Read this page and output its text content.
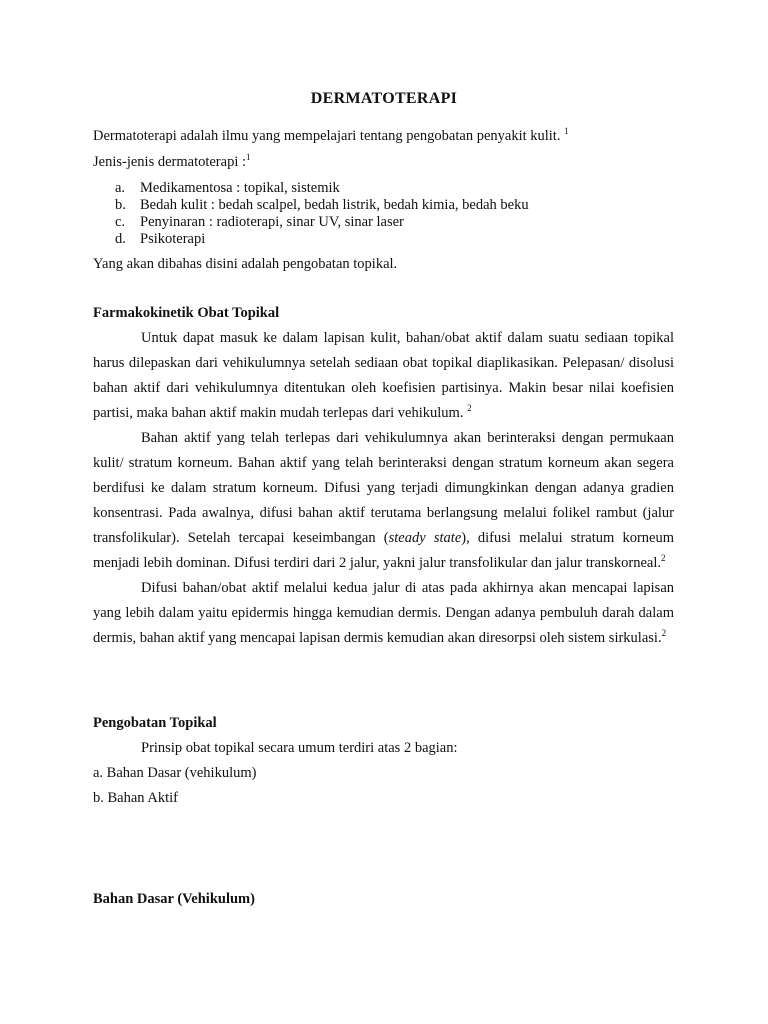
DERMATOTERAPI
Dermatoterapi adalah ilmu yang mempelajari tentang pengobatan penyakit kulit. $^1$
Jenis-jenis dermatoterapi :$^1$
a.	Medikamentosa : topikal, sistemik
b. Bedah kulit : bedah scalpel, bedah listrik, bedah kimia, bedah beku
c.	Penyinaran : radioterapi, sinar UV, sinar laser
d. Psikoterapi
Yang akan dibahas disini adalah pengobatan topikal.
Farmakokinetik Obat Topikal

Untuk dapat masuk ke dalam lapisan kulit, bahan/obat aktif dalam suatu sediaan topikal harus dilepaskan dari vehikulumnya setelah sediaan obat topikal diaplikasikan. Pelepasan/ disolusi bahan aktif dari vehikulumnya ditentukan oleh koefisien partisinya. Makin besar nilai koefisien partisi, maka bahan aktif makin mudah terlepas dari vehikulum. $^2$

Bahan aktif yang telah terlepas dari vehikulumnya akan berinteraksi dengan permukaan kulit/ stratum korneum. Bahan aktif yang telah berinteraksi dengan stratum korneum akan segera berdifusi ke dalam stratum korneum. Difusi yang terjadi dimungkinkan dengan adanya gradien konsentrasi. Pada awalnya, difusi bahan aktif terutama berlangsung melalui folikel rambut (jalur transfolikular). Setelah tercapai keseimbangan (steady state), difusi melalui stratum korneum menjadi lebih dominan. Difusi terdiri dari 2 jalur, yakni jalur transfolikular dan jalur transkorneal.$^2$

Difusi bahan/obat aktif melalui kedua jalur di atas pada akhirnya akan mencapai lapisan yang lebih dalam yaitu epidermis hingga kemudian dermis. Dengan adanya pembuluh darah dalam dermis, bahan aktif yang mencapai lapisan dermis kemudian akan diresorpsi oleh sistem sirkulasi.$^2$

Pengobatan Topikal
Prinsip obat topikal secara umum terdiri atas 2 bagian:
a. Bahan Dasar (vehikulum)
b. Bahan Aktif
Bahan Dasar (Vehikulum)
